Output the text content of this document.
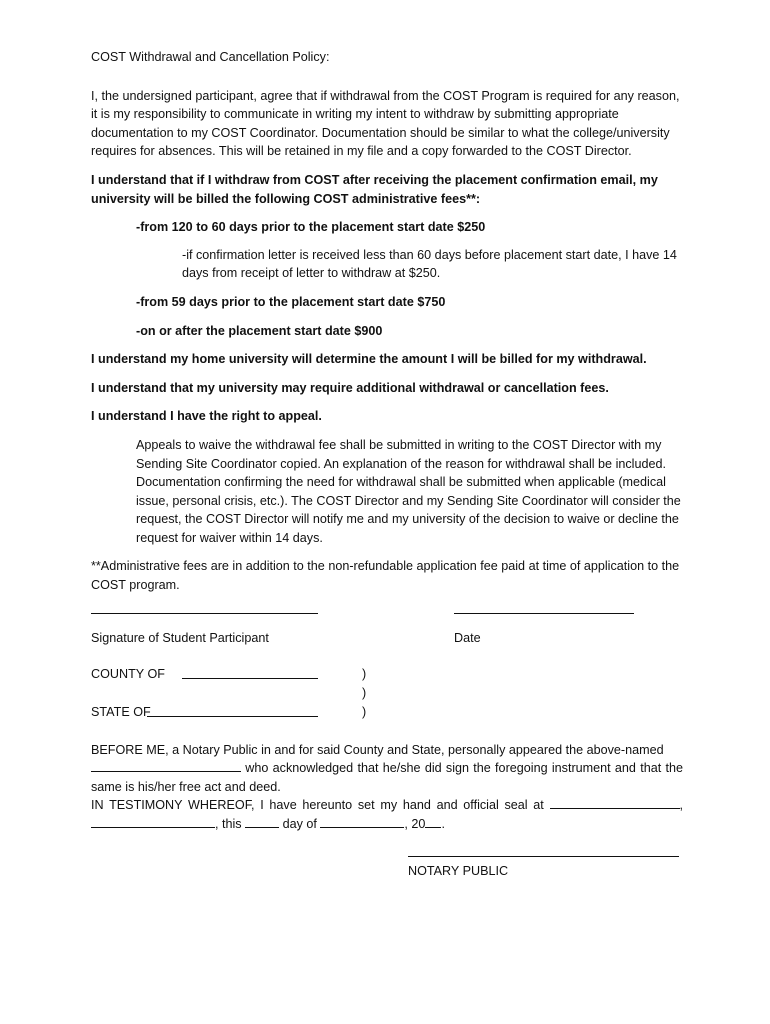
COST Withdrawal and Cancellation Policy:

I, the undersigned participant, agree that if withdrawal from the COST Program is required for any reason, it is my responsibility to communicate in writing my intent to withdraw by submitting appropriate documentation to my COST Coordinator. Documentation should be similar to what the college/university requires for absences. This will be retained in my file and a copy forwarded to the COST Director.

I understand that if I withdraw from COST after receiving the placement confirmation email, my university will be billed the following COST administrative fees**:

-from 120 to 60 days prior to the placement start date $250

-if confirmation letter is received less than 60 days before placement start date, I have 14 days from receipt of letter to withdraw at $250.

-from 59 days prior to the placement start date $750

-on or after the placement start date $900

I understand my home university will determine the amount I will be billed for my withdrawal.

I understand that my university may require additional withdrawal or cancellation fees.

I understand I have the right to appeal.

Appeals to waive the withdrawal fee shall be submitted in writing to the COST Director with my Sending Site Coordinator copied. An explanation of the reason for withdrawal shall be included. Documentation confirming the need for withdrawal shall be submitted when applicable (medical issue, personal crisis, etc.). The COST Director and my Sending Site Coordinator will consider the request, the COST Director will notify me and my university of the decision to waive or decline the request for waiver within 14 days.

**Administrative fees are in addition to the non-refundable application fee paid at time of application to the COST program.

Signature of Student Participant	Date
COUNTY OF	)
)
)
STATE OF
BEFORE ME, a Notary Public in and for said County and State, personally appeared the above-named
who acknowledged that he/she did sign the foregoing instrument and that the same is his/her free act and deed.
IN TESTIMONY WHEREOF, I have hereunto set my hand and official seal at	,
, this	day of	, 20 .
NOTARY PUBLIC
